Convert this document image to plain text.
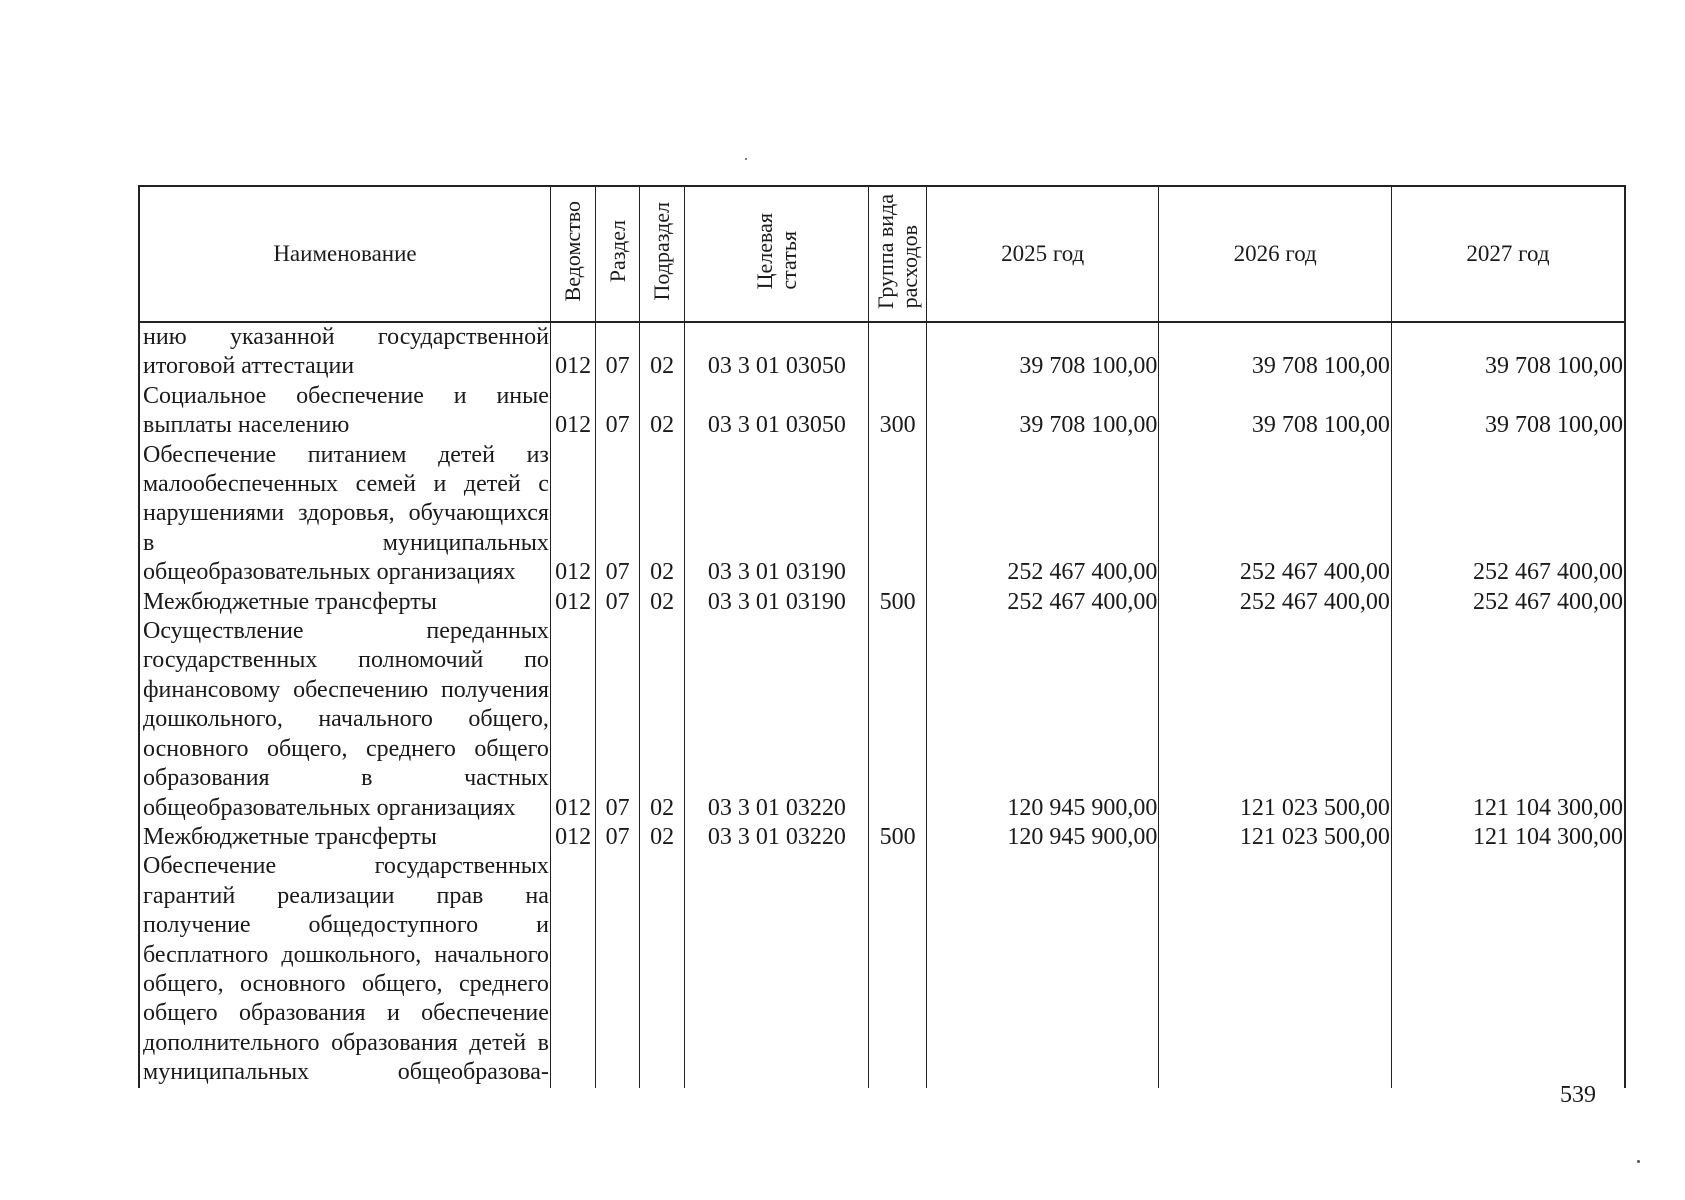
Наименование	Ведомство	Раздел	Подраздел	Целеваястатья	Группа видарасходов	2025 год	2026 год	2027 год
нию указанной государственной итоговой аттестации	012	07	02	03 3 01 03050		39 708 100,00	39 708 100,00	39 708 100,00
Социальное обеспечение и иные выплаты населению	012	07	02	03 3 01 03050	300	39 708 100,00	39 708 100,00	39 708 100,00
Обеспечение питанием детей из малообеспеченных семей и детей с нарушениями здоровья, обучающихся в муниципальных общеобразовательных организациях	012	07	02	03 3 01 03190		252 467 400,00	252 467 400,00	252 467 400,00
Межбюджетные трансферты	012	07	02	03 3 01 03190	500	252 467 400,00	252 467 400,00	252 467 400,00
Осуществление переданных государственных полномочий по финансовому обеспечению получения дошкольного, начального общего, основного общего, среднего общего образования в частных общеобразовательных организациях	012	07	02	03 3 01 03220		120 945 900,00	121 023 500,00	121 104 300,00
Межбюджетные трансферты	012	07	02	03 3 01 03220	500	120 945 900,00	121 023 500,00	121 104 300,00
Обеспечение государственных гарантий реализации прав на получение общедоступного и бесплатного дошкольного, начального общего, основного общего, среднего общего образования и обеспечение дополнительного образования детей в муниципальных общеобразова-								
539
